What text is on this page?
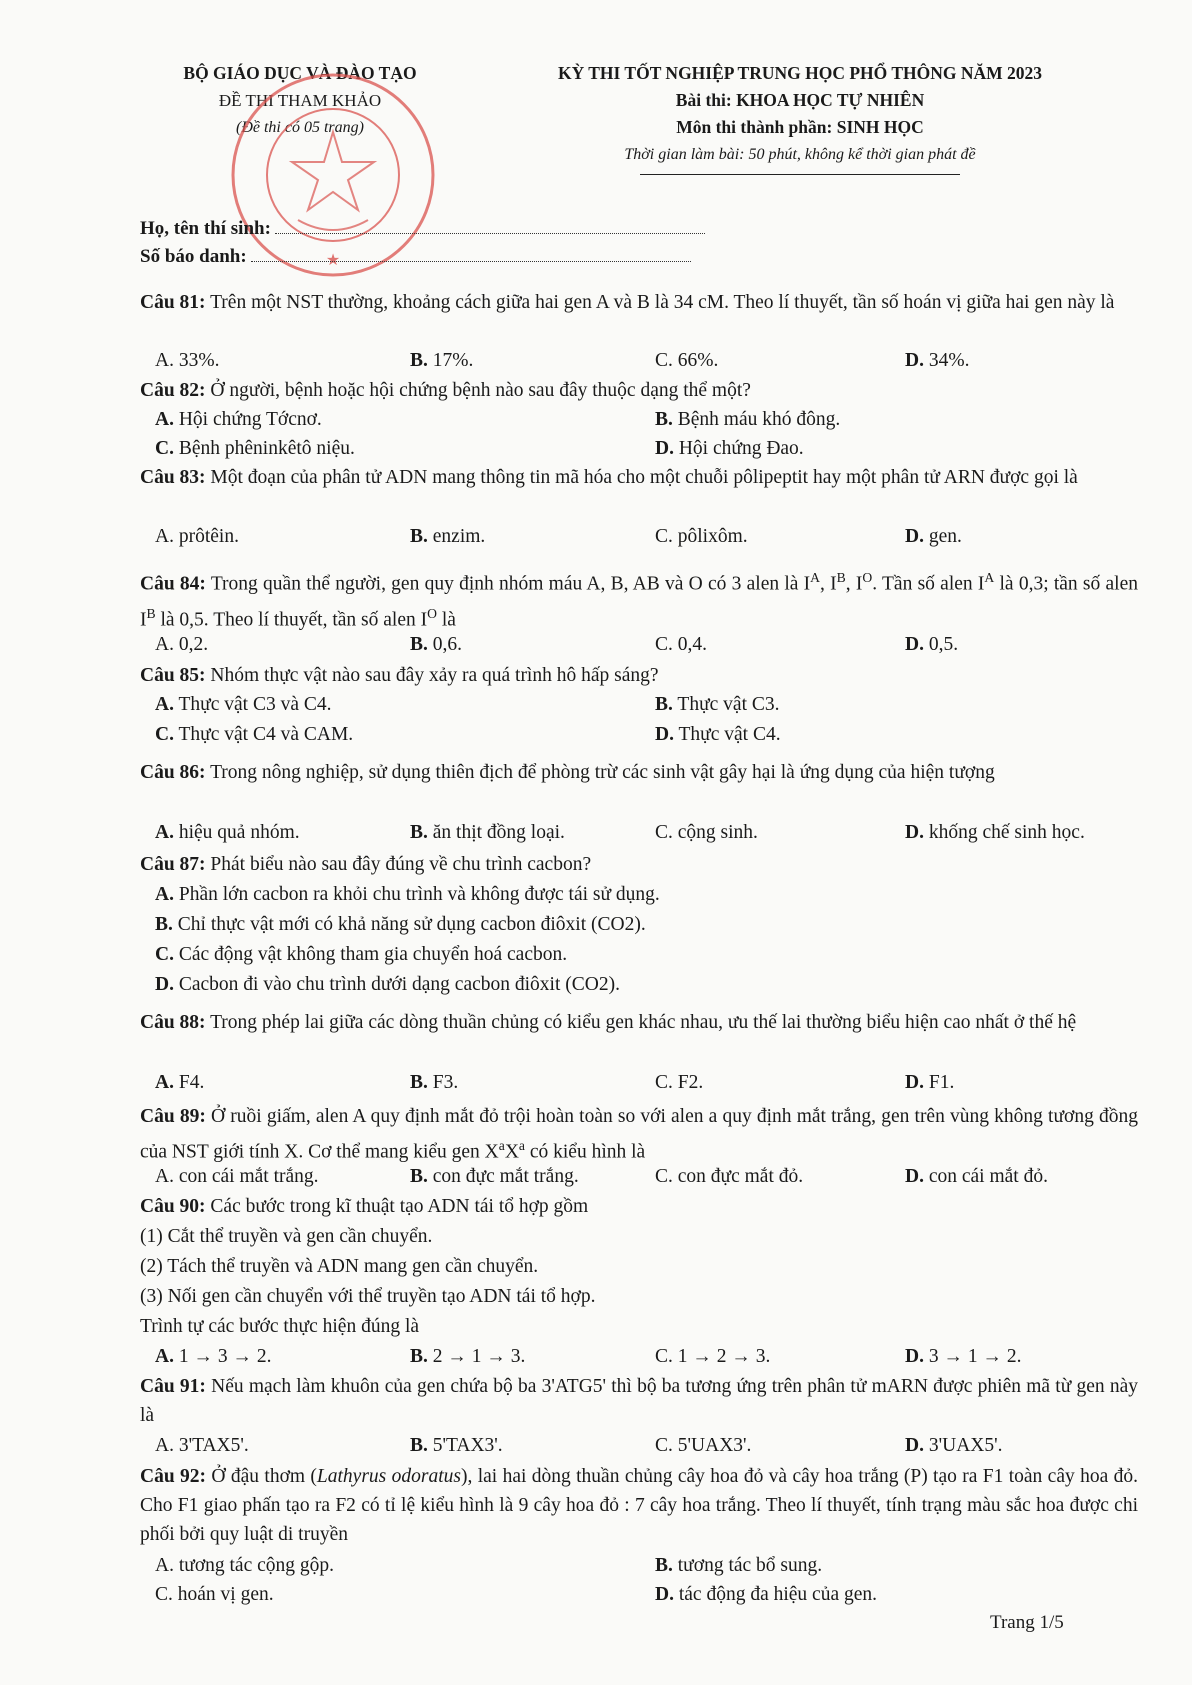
BỘ GIÁO DỤC VÀ ĐÀO TẠO
ĐỀ THI THAM KHẢO
(Đề thi có 05 trang)
KỲ THI TỐT NGHIỆP TRUNG HỌC PHỔ THÔNG NĂM 2023
Bài thi: KHOA HỌC TỰ NHIÊN
Môn thi thành phần: SINH HỌC
Thời gian làm bài: 50 phút, không kể thời gian phát đề
★
Họ, tên thí sinh:
Số báo danh:
Câu 81: Trên một NST thường, khoảng cách giữa hai gen A và B là 34 cM. Theo lí thuyết, tần số hoán vị giữa hai gen này là
A. 33%.	B. 17%.	C. 66%.	D. 34%.
Câu 82: Ở người, bệnh hoặc hội chứng bệnh nào sau đây thuộc dạng thể một?
A. Hội chứng Tớcnơ.	B. Bệnh máu khó đông.
C. Bệnh phêninkêtô niệu.	D. Hội chứng Đao.
Câu 83: Một đoạn của phân tử ADN mang thông tin mã hóa cho một chuỗi pôlipeptit hay một phân tử ARN được gọi là
A. prôtêin.	B. enzim.	C. pôlixôm.	D. gen.
Câu 84: Trong quần thể người, gen quy định nhóm máu A, B, AB và O có 3 alen là $I^A$, $I^B$, $I^O$. Tần số alen $I^A$ là 0,3; tần số alen $I^B$ là 0,5. Theo lí thuyết, tần số alen $I^O$ là
A. 0,2.	B. 0,6.	C. 0,4.	D. 0,5.
Câu 85: Nhóm thực vật nào sau đây xảy ra quá trình hô hấp sáng?
A. Thực vật C3 và C4.	B. Thực vật C3.
C. Thực vật C4 và CAM.	D. Thực vật C4.
Câu 86: Trong nông nghiệp, sử dụng thiên địch để phòng trừ các sinh vật gây hại là ứng dụng của hiện tượng
A. hiệu quả nhóm.	B. ăn thịt đồng loại.	C. cộng sinh.	D. khống chế sinh học.
Câu 87: Phát biểu nào sau đây đúng về chu trình cacbon?
A. Phần lớn cacbon ra khỏi chu trình và không được tái sử dụng.
B. Chỉ thực vật mới có khả năng sử dụng cacbon điôxit (CO2).
C. Các động vật không tham gia chuyển hoá cacbon.
D. Cacbon đi vào chu trình dưới dạng cacbon điôxit (CO2).
Câu 88: Trong phép lai giữa các dòng thuần chủng có kiểu gen khác nhau, ưu thế lai thường biểu hiện cao nhất ở thế hệ
A. F4.	B. F3.	C. F2.	D. F1.
Câu 89: Ở ruồi giấm, alen A quy định mắt đỏ trội hoàn toàn so với alen a quy định mắt trắng, gen trên vùng không tương đồng của NST giới tính X. Cơ thể mang kiểu gen $X^aX^a$ có kiểu hình là
A. con cái mắt trắng.	B. con đực mắt trắng.	C. con đực mắt đỏ.	D. con cái mắt đỏ.
Câu 90: Các bước trong kĩ thuật tạo ADN tái tổ hợp gồm
(1) Cắt thể truyền và gen cần chuyển.
(2) Tách thể truyền và ADN mang gen cần chuyển.
(3) Nối gen cần chuyển với thể truyền tạo ADN tái tổ hợp.
Trình tự các bước thực hiện đúng là
A. 1 → 3 → 2.	B. 2 → 1 → 3.	C. 1 → 2 → 3.	D. 3 → 1 → 2.
Câu 91: Nếu mạch làm khuôn của gen chứa bộ ba 3'ATG5' thì bộ ba tương ứng trên phân tử mARN được phiên mã từ gen này là
A. 3'TAX5'.	B. 5'TAX3'.	C. 5'UAX3'.	D. 3'UAX5'.
Câu 92: Ở đậu thơm (Lathyrus odoratus), lai hai dòng thuần chủng cây hoa đỏ và cây hoa trắng (P) tạo ra F1 toàn cây hoa đỏ. Cho F1 giao phấn tạo ra F2 có tỉ lệ kiểu hình là 9 cây hoa đỏ : 7 cây hoa trắng. Theo lí thuyết, tính trạng màu sắc hoa được chi phối bởi quy luật di truyền
A. tương tác cộng gộp.	B. tương tác bổ sung.
C. hoán vị gen.	D. tác động đa hiệu của gen.
Trang 1/5
